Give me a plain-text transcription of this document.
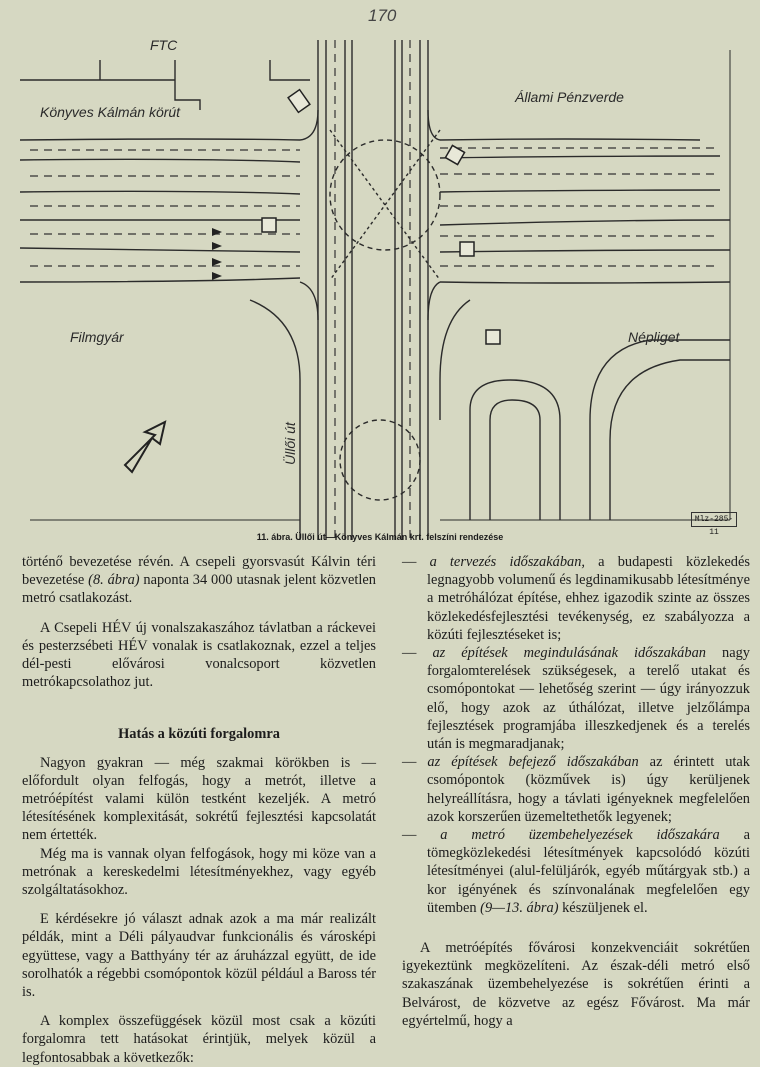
170
FTC
Könyves Kálmán körút
Állami Pénzverde
Filmgyár	Népliget
Üllői út
Mlz-285-11
11. ábra. Üllői út—Könyves Kálmán krt. felszíni rendezése

történő bevezetése révén. A csepeli gyorsvasút Kálvin téri bevezetése (8. ábra) naponta 34 000 utasnak jelent közvetlen metró csatlakozást.

A Csepeli HÉV új vonalszakaszához távlatban a ráckevei és pesterzsébeti HÉV vonalak is csatlakoznak, ezzel a teljes dél-pesti elővárosi vonalcsoport közvetlen metrókapcsolathoz jut.

Hatás a közúti forgalomra

Nagyon gyakran — még szakmai körökben is — előfordult olyan felfogás, hogy a metrót, illetve a metróépítést valami külön testként kezeljék. A metró létesítésének komplexitását, sokrétű fejlesztési kapcsolatát nem értették.

Még ma is vannak olyan felfogások, hogy mi köze van a metrónak a kereskedelmi létesítményekhez, vagy egyéb szolgáltatásokhoz.

E kérdésekre jó választ adnak azok a ma már realizált példák, mint a Déli pályaudvar funkcionális és városképi együttese, vagy a Batthyány tér az áruházzal együtt, de ide sorolhatók a régebbi csomópontok közül például a Baross tér is.

A komplex összefüggések közül most csak a közúti forgalomra tett hatásokat érintjük, melyek közül a legfontosabbak a következők:

— a tervezés időszakában, a budapesti közlekedés legnagyobb volumenű és legdinamikusabb létesítménye a metróhálózat építése, ehhez igazodik szinte az összes közlekedésfejlesztési tevékenység, ez szabályozza a közúti fejlesztéseket is;

— az építések megindulásának időszakában nagy forgalomterelések szükségesek, a terelő utakat és csomópontokat — lehetőség szerint — úgy irányozzuk elő, hogy azok az úthálózat, illetve jelzőlámpa fejlesztések programjába illeszkedjenek és a terelés után is megmaradjanak;

— az építések befejező időszakában az érintett utak csomópontok (közművek is) úgy kerüljenek helyreállításra, hogy a távlati igényeknek megfelelően azok korszerűen üzemeltethetők legyenek;

— a metró üzembehelyezések időszakára a tömegközlekedési létesítmények kapcsolódó közúti létesítményei (alul-felüljárók, egyéb műtárgyak stb.) a kor igényének és színvonalának megfelelően egy ütemben (9—13. ábra) készüljenek el.

A metróépítés fővárosi konzekvenciáit sokrétűen igyekeztünk megközelíteni. Az észak-déli metró első szakaszának üzembehelyezése is sokrétűen érinti a Belvárost, de közvetve az egész Fővárost. Ma már egyértelmű, hogy a
